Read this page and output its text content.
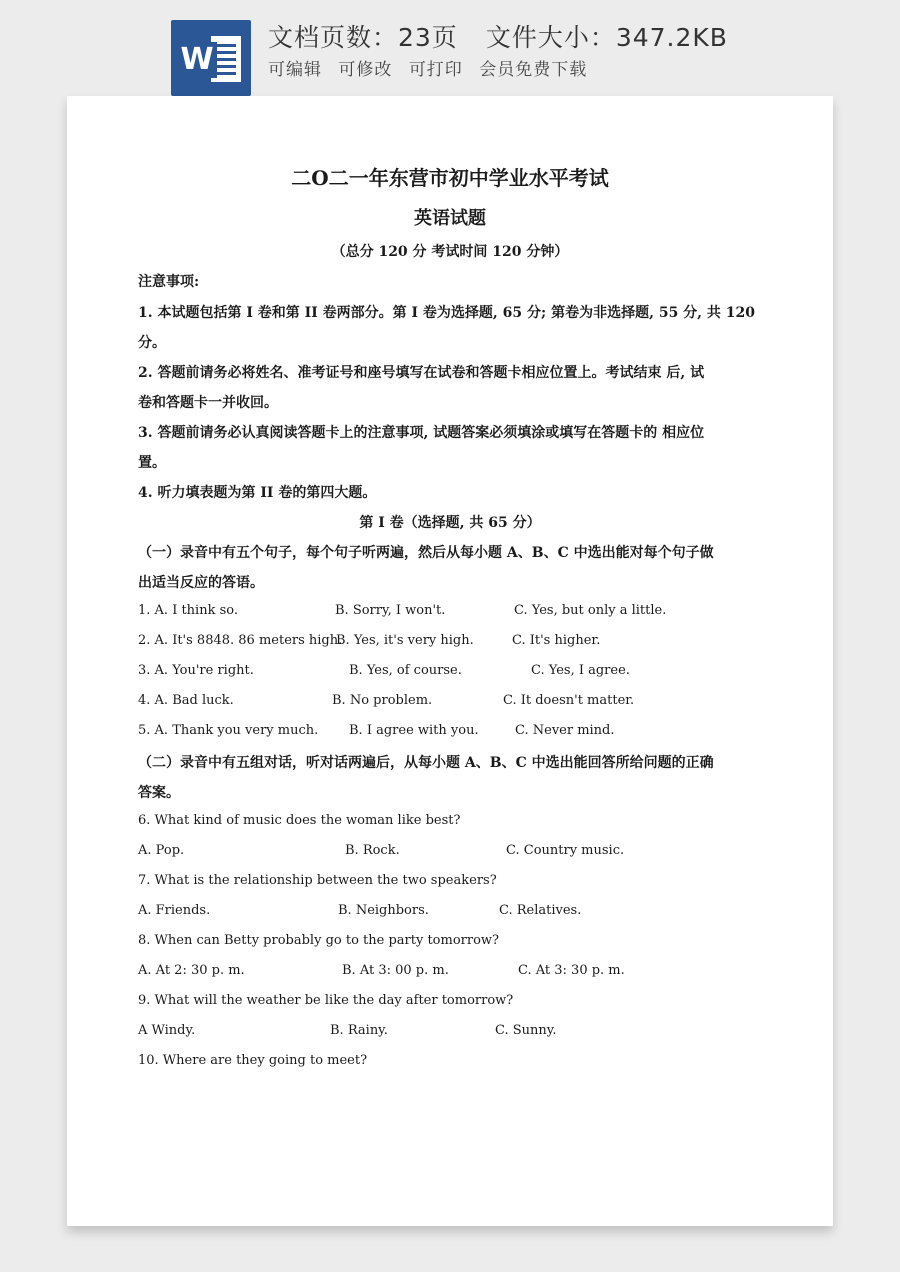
W
文档页数：23页 文件大小：347.2KB
可编辑 可修改 可打印 会员免费下载
二O二一年东营市初中学业水平考试
英语试题
（总分 120 分 考试时间 120 分钟）
注意事项:
1. 本试题包括第 I 卷和第 II 卷两部分。第 I 卷为选择题, 65 分; 第卷为非选择题, 55 分, 共 120
分。
2. 答题前请务必将姓名、准考证号和座号填写在试卷和答题卡相应位置上。考试结束 后, 试
卷和答题卡一并收回。
3. 答题前请务必认真阅读答题卡上的注意事项, 试题答案必须填涂或填写在答题卡的 相应位
置。
4. 听力填表题为第 II 卷的第四大题。
第 I 卷（选择题, 共 65 分）
（一）录音中有五个句子，每个句子听两遍，然后从每小题 A、B、C 中选出能对每个句子做
出适当反应的答语。
1. A. I think so.	B. Sorry, I won't.	C. Yes, but only a little.
2. A. It's 8848. 86 meters high.
B. Yes, it's very high.	C. It's higher.
3. A. You're right.	B. Yes, of course.	C. Yes, I agree.
4. A. Bad luck.	B. No problem.	C. It doesn't matter.
5. A. Thank you very much. B. I agree with you.	C. Never mind.
（二）录音中有五组对话，听对话两遍后，从每小题 A、B、C 中选出能回答所给问题的正确
答案。
6. What kind of music does the woman like best?
A. Pop.	B. Rock.	C. Country music.
7. What is the relationship between the two speakers?
A. Friends.	B. Neighbors.	C. Relatives.
8. When can Betty probably go to the party tomorrow?
A. At 2: 30 p. m.	B. At 3: 00 p. m.	C. At 3: 30 p. m.
9. What will the weather be like the day after tomorrow?
A Windy.	B. Rainy.	C. Sunny.
10. Where are they going to meet?
